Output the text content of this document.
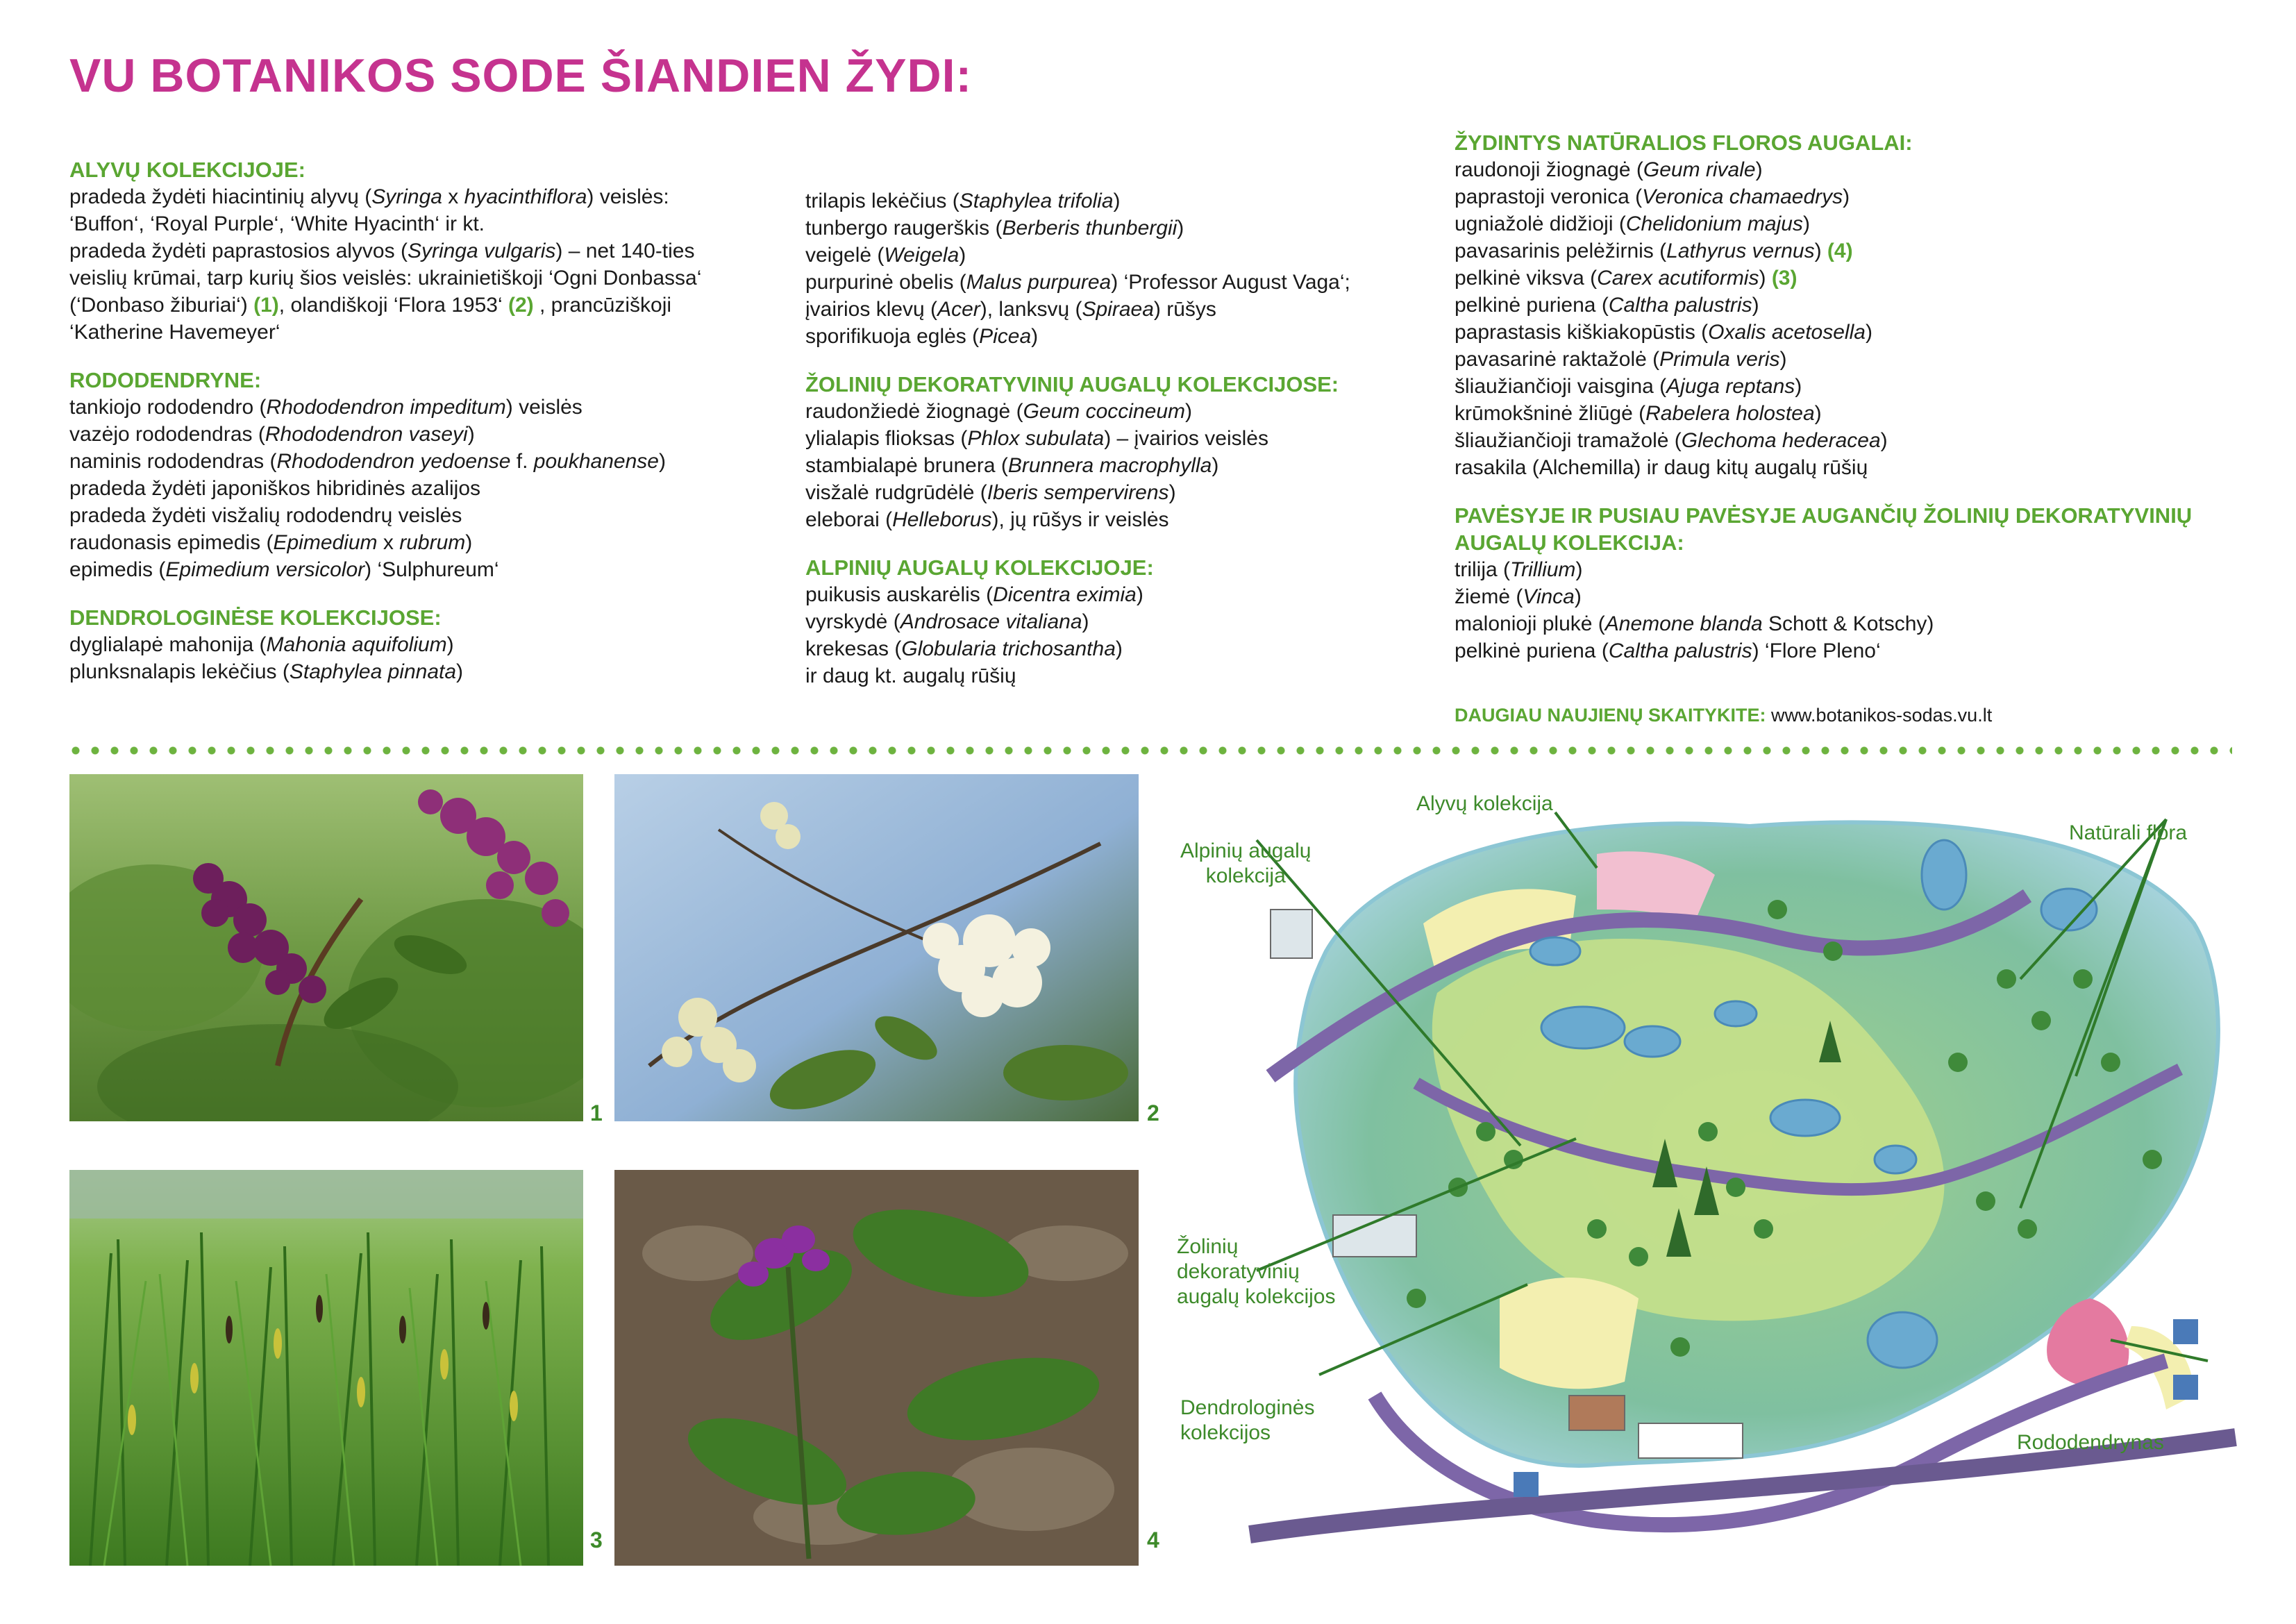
VU BOTANIKOS SODE ŠIANDIEN ŽYDI:
ALYVŲ KOLEKCIJOJE:
pradeda žydėti hiacintinių alyvų (Syringa x hyacinthiflora) veislės:
‘Buffon‘, ‘Royal Purple‘, ‘White Hyacinth‘ ir kt.
pradeda žydėti paprastosios alyvos (Syringa vulgaris) – net 140-ties
veislių krūmai, tarp kurių šios veislės: ukrainietiškoji ‘Ogni Donbassa‘
(‘Donbaso žiburiai‘) (1), olandiškoji ‘Flora 1953‘ (2) , prancūziškoji
‘Katherine Havemeyer‘
RODODENDRYNE:
tankiojo rododendro (Rhododendron impeditum) veislės
vazėjo rododendras (Rhododendron vaseyi)
naminis rododendras (Rhododendron yedoense f. poukhanense)
pradeda žydėti japoniškos hibridinės azalijos
pradeda žydėti visžalių rododendrų veislės
raudonasis epimedis (Epimedium x rubrum)
epimedis (Epimedium versicolor) ‘Sulphureum‘
DENDROLOGINĖSE KOLEKCIJOSE:
dyglialapė mahonija (Mahonia aquifolium)
plunksnalapis lekėčius (Staphylea pinnata)
trilapis lekėčius (Staphylea trifolia)
tunbergo raugerškis (Berberis thunbergii)
veigelė (Weigela)
purpurinė obelis (Malus purpurea) ‘Professor August Vaga‘;
įvairios klevų (Acer), lanksvų (Spiraea) rūšys
sporifikuoja eglės (Picea)
ŽOLINIŲ DEKORATYVINIŲ AUGALŲ KOLEKCIJOSE:
raudonžiedė žiognagė (Geum coccineum)
ylialapis flioksas (Phlox subulata) – įvairios veislės
stambialapė brunera (Brunnera macrophylla)
visžalė rudgrūdėlė (Iberis sempervirens)
eleborai (Helleborus), jų rūšys ir veislės
ALPINIŲ AUGALŲ KOLEKCIJOJE:
puikusis auskarėlis (Dicentra eximia)
vyrskydė (Androsace vitaliana)
krekesas (Globularia trichosantha)
ir daug kt. augalų rūšių
ŽYDINTYS NATŪRALIOS FLOROS AUGALAI:
raudonoji žiognagė (Geum rivale)
paprastoji veronica (Veronica chamaedrys)
ugniažolė didžioji (Chelidonium majus)
pavasarinis pelėžirnis (Lathyrus vernus) (4)
pelkinė viksva (Carex acutiformis) (3)
pelkinė puriena (Caltha palustris)
paprastasis kiškiakopūstis (Oxalis acetosella)
pavasarinė raktažolė (Primula veris)
šliaužiančioji vaisgina (Ajuga reptans)
krūmokšninė žliūgė (Rabelera holostea)
šliaužiančioji tramažolė (Glechoma hederacea)
rasakila (Alchemilla) ir daug kitų augalų rūšių
PAVĖSYJE IR PUSIAU PAVĖSYJE AUGANČIŲ ŽOLINIŲ DEKORATYVINIŲ
AUGALŲ KOLEKCIJA:
trilija (Trillium)
žiemė (Vinca)
malonioji plukė (Anemone blanda Schott & Kotschy)
pelkinė puriena (Caltha palustris) ‘Flore Pleno‘
DAUGIAU NAUJIENŲ SKAITYKITE: www.botanikos-sodas.vu.lt
1	2
3	4
Alyvų kolekcija
Alpinių augalų
kolekcija
Natūrali flora
Žolinių
dekoratyvinių
augalų kolekcijos
Dendrologinės
kolekcijos	Rododendrynas
